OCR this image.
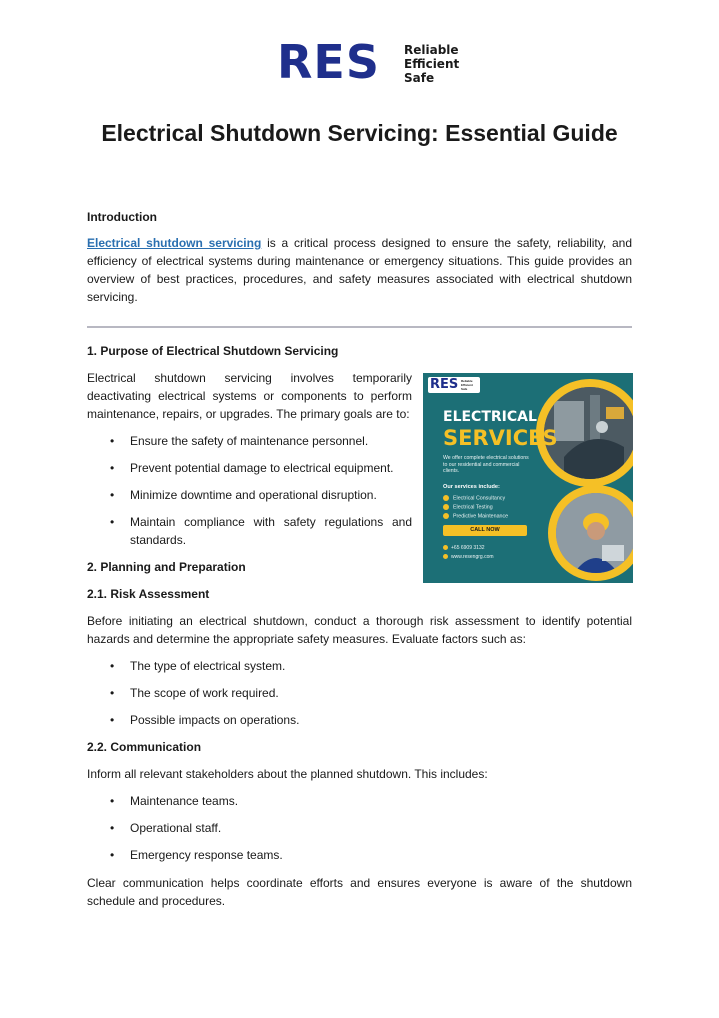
RES Reliable
Efficient
Safe
Electrical Shutdown Servicing: Essential Guide

Introduction

Electrical shutdown servicing is a critical process designed to ensure the safety, reliability, and efficiency of electrical systems during maintenance or emergency situations. This guide provides an overview of best practices, procedures, and safety measures associated with electrical shutdown servicing.

1. Purpose of Electrical Shutdown Servicing

Electrical shutdown servicing involves temporarily deactivating electrical systems or components to perform maintenance, repairs, or upgrades. The primary goals are to:

• Ensure the safety of maintenance personnel.
• Prevent potential damage to electrical equipment.
• Minimize downtime and operational disruption.
• Maintain compliance with safety regulations and
standards.
RES Reliable
Efficient
Safe
ELECTRICAL
SERVICES
We offer complete electrical solutions to our residential and commercial clients.
Our services include:
Electrical Consultancy
Electrical Testing
Predictive Maintenance
CALL NOW
+65 6909 3132
www.resengrg.com

2. Planning and Preparation

2.1. Risk Assessment

Before initiating an electrical shutdown, conduct a thorough risk assessment to identify potential hazards and determine the appropriate safety measures. Evaluate factors such as:

• The type of electrical system.
• The scope of work required.
• Possible impacts on operations.

2.2. Communication

Inform all relevant stakeholders about the planned shutdown. This includes:

• Maintenance teams.
• Operational staff.
• Emergency response teams.

Clear communication helps coordinate efforts and ensures everyone is aware of the shutdown schedule and procedures.
